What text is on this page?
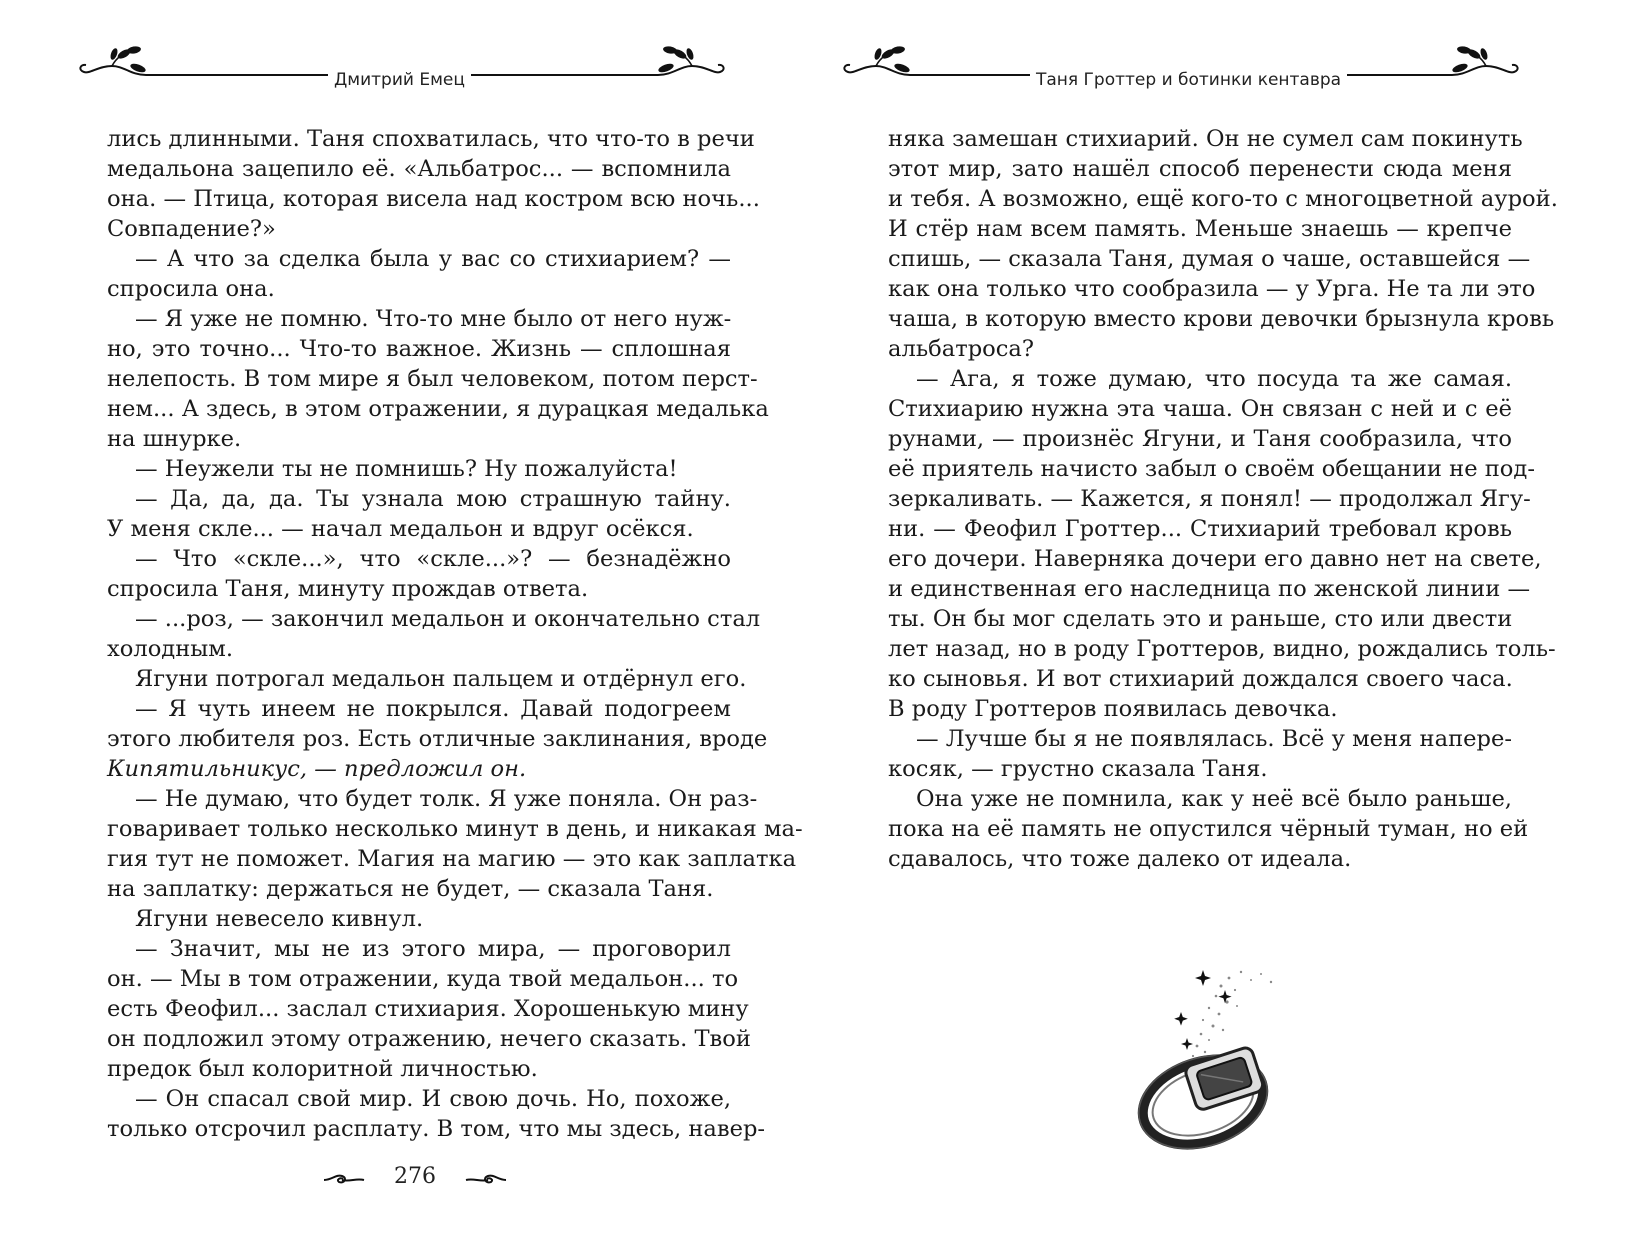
Дмитрий Емец
лись длинными. Таня спохватилась, что что-то в речи
медальона зацепило её. «Альбатрос... — вспомнила
она. — Птица, которая висела над костром всю ночь...
Совпадение?»
— А что за сделка была у вас со стихиарием? —
спросила она.
— Я уже не помню. Что-то мне было от него нуж-
но, это точно... Что-то важное. Жизнь — сплошная
нелепость. В том мире я был человеком, потом перст-
нем... А здесь, в этом отражении, я дурацкая медалька
на шнурке.
— Неужели ты не помнишь? Ну пожалуйста!
— Да, да, да. Ты узнала мою страшную тайну.
У меня скле... — начал медальон и вдруг осёкся.
— Что «скле...», что «скле...»? — безнадёжно
спросила Таня, минуту прождав ответа.
— ...роз, — закончил медальон и окончательно стал
холодным.
Ягуни потрогал медальон пальцем и отдёрнул его.
— Я чуть инеем не покрылся. Давай подогреем
этого любителя роз. Есть отличные заклинания, вроде
Кипятильникус, — предложил он.
— Не думаю, что будет толк. Я уже поняла. Он раз-
говаривает только несколько минут в день, и никакая ма-
гия тут не поможет. Магия на магию — это как заплатка
на заплатку: держаться не будет, — сказала Таня.
Ягуни невесело кивнул.
— Значит, мы не из этого мира, — проговорил
он. — Мы в том отражении, куда твой медальон... то
есть Феофил... заслал стихиария. Хорошенькую мину
он подложил этому отражению, нечего сказать. Твой
предок был колоритной личностью.
— Он спасал свой мир. И свою дочь. Но, похоже,
только отсрочил расплату. В том, что мы здесь, навер-
276
Таня Гроттер и ботинки кентавра
няка замешан стихиарий. Он не сумел сам покинуть
этот мир, зато нашёл способ перенести сюда меня
и тебя. А возможно, ещё кого-то с многоцветной аурой.
И стёр нам всем память. Меньше знаешь — крепче
спишь, — сказала Таня, думая о чаше, оставшейся —
как она только что сообразила — у Урга. Не та ли это
чаша, в которую вместо крови девочки брызнула кровь
альбатроса?
— Ага, я тоже думаю, что посуда та же самая.
Стихиарию нужна эта чаша. Он связан с ней и с её
рунами, — произнёс Ягуни, и Таня сообразила, что
её приятель начисто забыл о своём обещании не под-
зеркаливать. — Кажется, я понял! — продолжал Ягу-
ни. — Феофил Гроттер... Стихиарий требовал кровь
его дочери. Наверняка дочери его давно нет на свете,
и единственная его наследница по женской линии —
ты. Он бы мог сделать это и раньше, сто или двести
лет назад, но в роду Гроттеров, видно, рождались толь-
ко сыновья. И вот стихиарий дождался своего часа.
В роду Гроттеров появилась девочка.
— Лучше бы я не появлялась. Всё у меня напере-
косяк, — грустно сказала Таня.
Она уже не помнила, как у неё всё было раньше,
пока на её память не опустился чёрный туман, но ей
сдавалось, что тоже далеко от идеала.
